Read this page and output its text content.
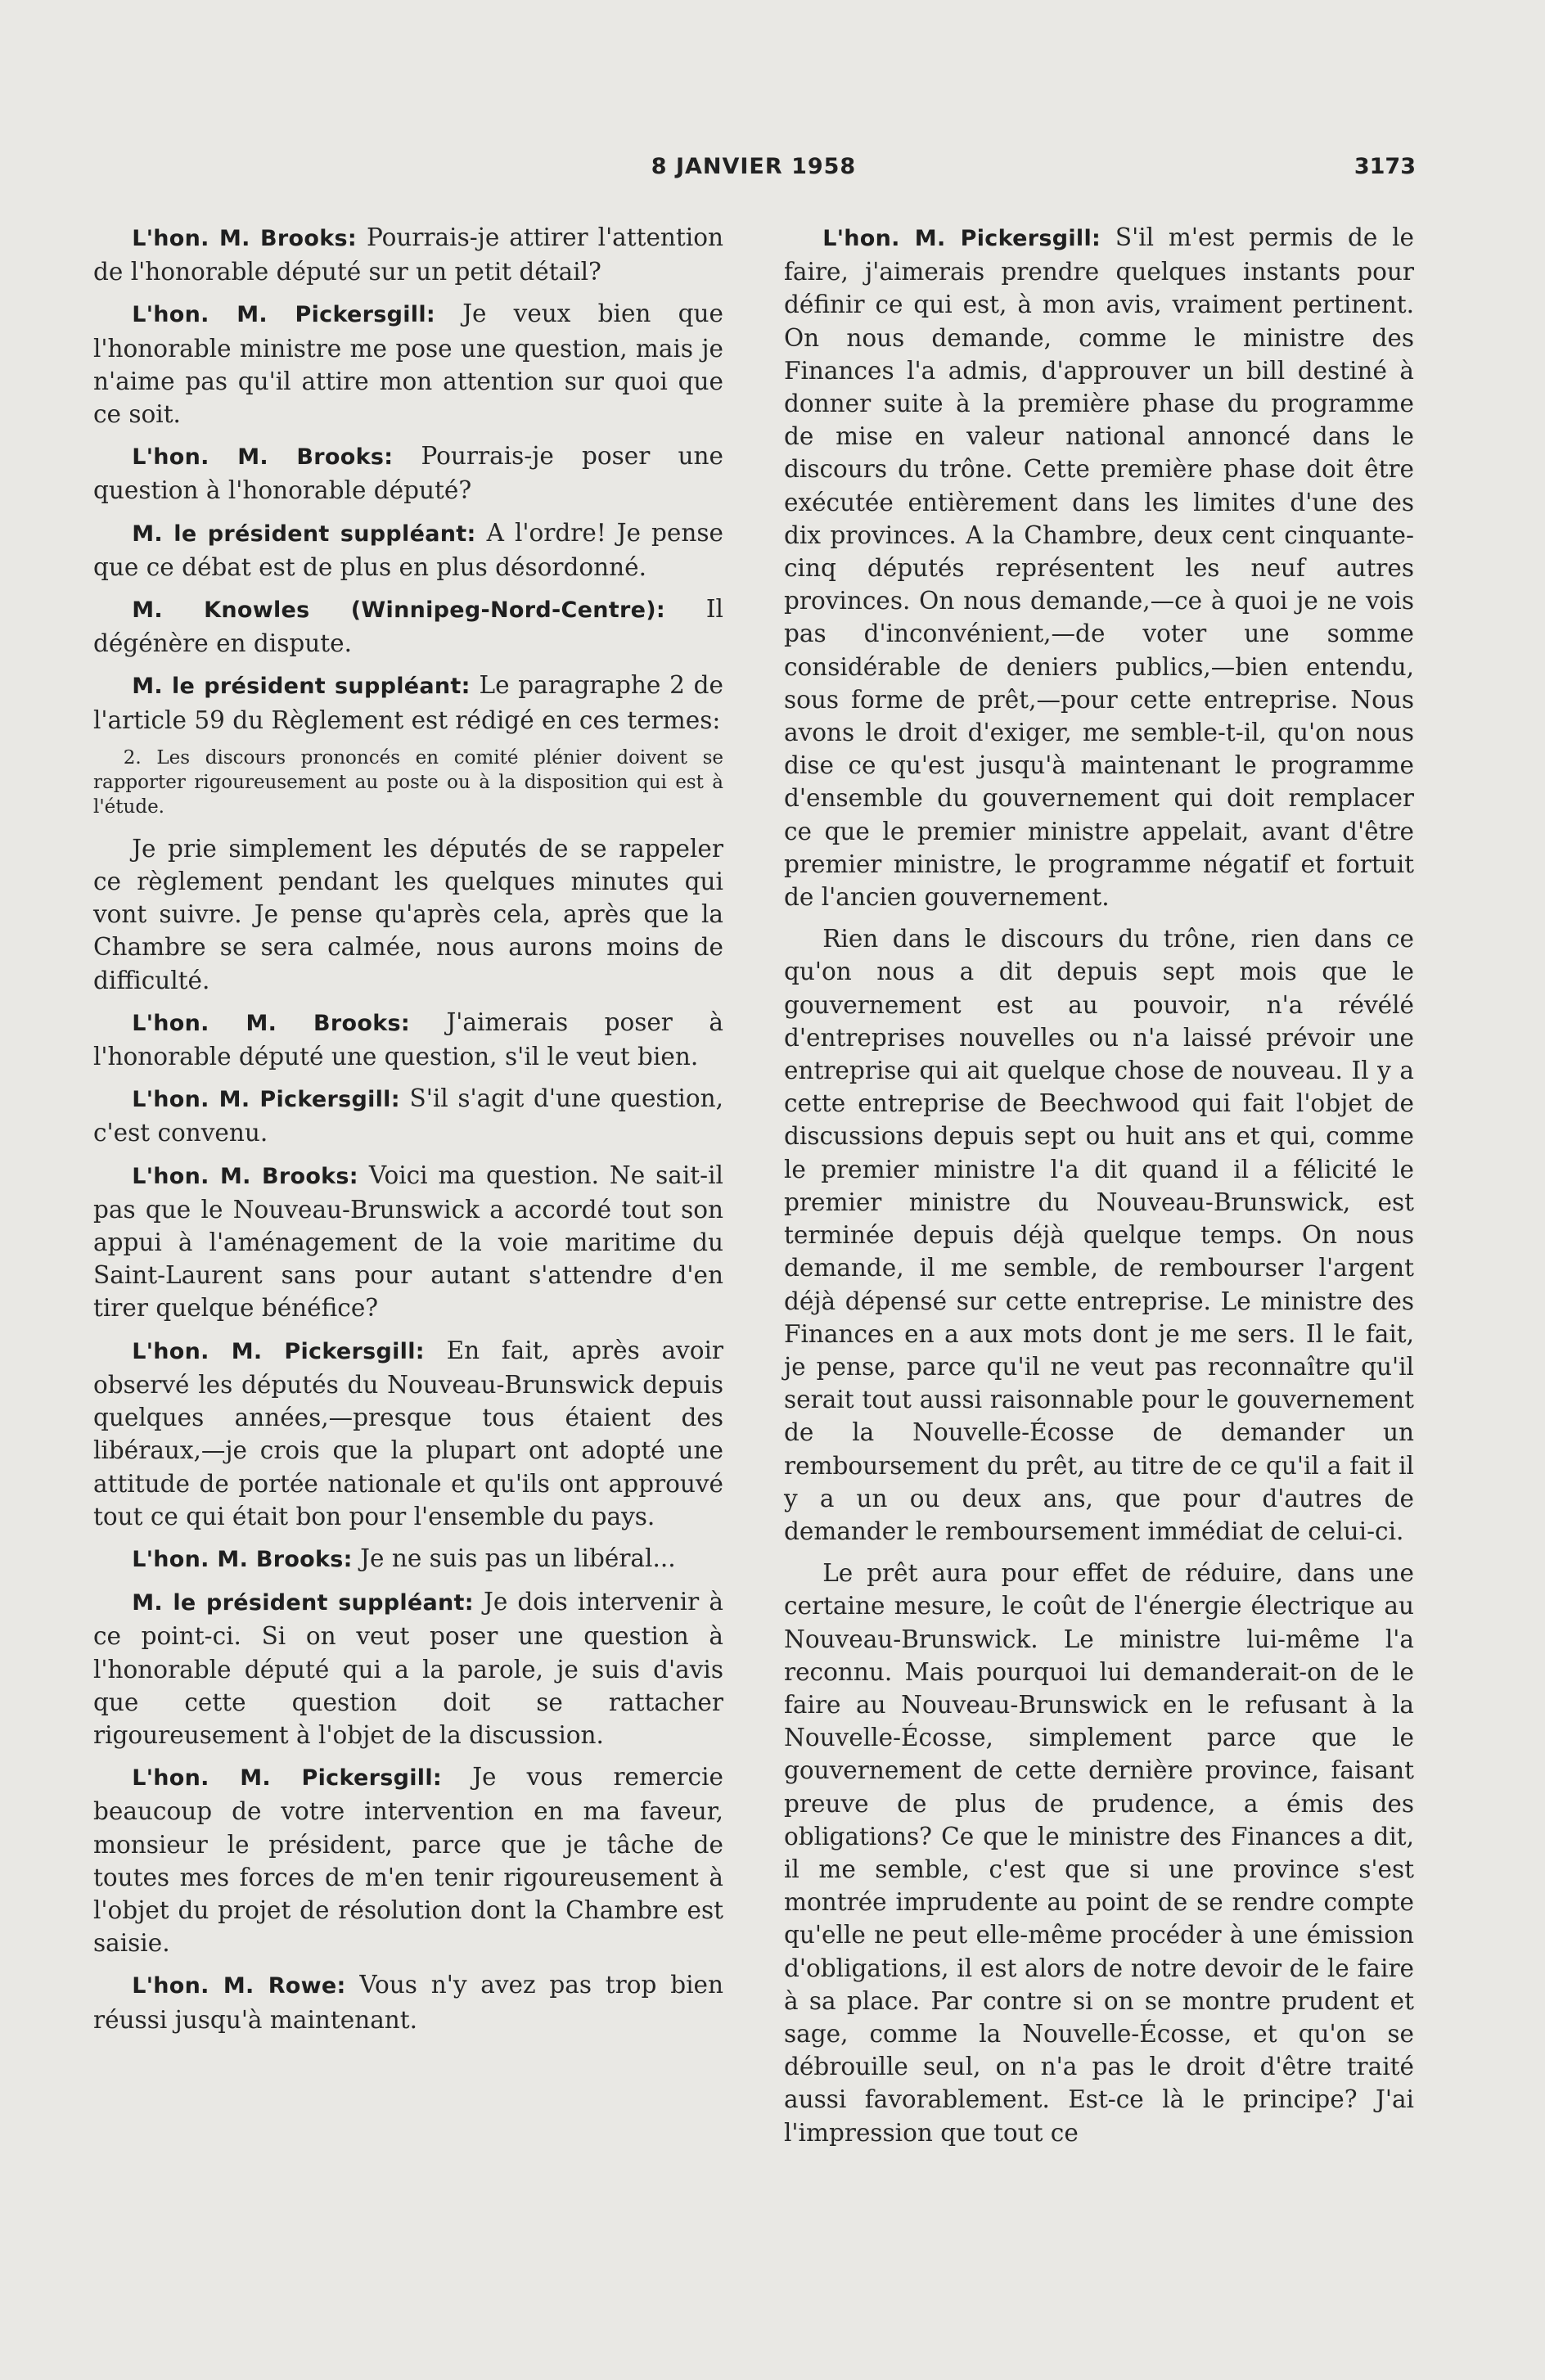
8 JANVIER 1958	3173

L'hon. M. Brooks: Pourrais-je attirer l'attention de l'honorable député sur un petit détail?

L'hon. M. Pickersgill: Je veux bien que l'honorable ministre me pose une question, mais je n'aime pas qu'il attire mon attention sur quoi que ce soit.

L'hon. M. Brooks: Pourrais-je poser une question à l'honorable député?

M. le président suppléant: A l'ordre! Je pense que ce débat est de plus en plus désordonné.

M. Knowles (Winnipeg-Nord-Centre): Il dégénère en dispute.

M. le président suppléant: Le paragraphe 2 de l'article 59 du Règlement est rédigé en ces termes:

2. Les discours prononcés en comité plénier doivent se rapporter rigoureusement au poste ou à la disposition qui est à l'étude.

Je prie simplement les députés de se rappeler ce règlement pendant les quelques minutes qui vont suivre. Je pense qu'après cela, après que la Chambre se sera calmée, nous aurons moins de difficulté.

L'hon. M. Brooks: J'aimerais poser à l'honorable député une question, s'il le veut bien.

L'hon. M. Pickersgill: S'il s'agit d'une question, c'est convenu.

L'hon. M. Brooks: Voici ma question. Ne sait-il pas que le Nouveau-Brunswick a accordé tout son appui à l'aménagement de la voie maritime du Saint-Laurent sans pour autant s'attendre d'en tirer quelque bénéfice?

L'hon. M. Pickersgill: En fait, après avoir observé les députés du Nouveau-Brunswick depuis quelques années,—presque tous étaient des libéraux,—je crois que la plupart ont adopté une attitude de portée nationale et qu'ils ont approuvé tout ce qui était bon pour l'ensemble du pays.

L'hon. M. Brooks: Je ne suis pas un libéral...

M. le président suppléant: Je dois intervenir à ce point-ci. Si on veut poser une question à l'honorable député qui a la parole, je suis d'avis que cette question doit se rattacher rigoureusement à l'objet de la discussion.

L'hon. M. Pickersgill: Je vous remercie beaucoup de votre intervention en ma faveur, monsieur le président, parce que je tâche de toutes mes forces de m'en tenir rigoureusement à l'objet du projet de résolution dont la Chambre est saisie.

L'hon. M. Rowe: Vous n'y avez pas trop bien réussi jusqu'à maintenant.

L'hon. M. Pickersgill: S'il m'est permis de le faire, j'aimerais prendre quelques instants pour définir ce qui est, à mon avis, vraiment pertinent. On nous demande, comme le ministre des Finances l'a admis, d'approuver un bill destiné à donner suite à la première phase du programme de mise en valeur national annoncé dans le discours du trône. Cette première phase doit être exécutée entièrement dans les limites d'une des dix provinces. A la Chambre, deux cent cinquante-cinq députés représentent les neuf autres provinces. On nous demande,—ce à quoi je ne vois pas d'inconvénient,—de voter une somme considérable de deniers publics,—bien entendu, sous forme de prêt,—pour cette entreprise. Nous avons le droit d'exiger, me semble-t-il, qu'on nous dise ce qu'est jusqu'à maintenant le programme d'ensemble du gouvernement qui doit remplacer ce que le premier ministre appelait, avant d'être premier ministre, le programme négatif et fortuit de l'ancien gouvernement.

Rien dans le discours du trône, rien dans ce qu'on nous a dit depuis sept mois que le gouvernement est au pouvoir, n'a révélé d'entreprises nouvelles ou n'a laissé prévoir une entreprise qui ait quelque chose de nouveau. Il y a cette entreprise de Beechwood qui fait l'objet de discussions depuis sept ou huit ans et qui, comme le premier ministre l'a dit quand il a félicité le premier ministre du Nouveau-Brunswick, est terminée depuis déjà quelque temps. On nous demande, il me semble, de rembourser l'argent déjà dépensé sur cette entreprise. Le ministre des Finances en a aux mots dont je me sers. Il le fait, je pense, parce qu'il ne veut pas reconnaître qu'il serait tout aussi raisonnable pour le gouvernement de la Nouvelle-Écosse de demander un remboursement du prêt, au titre de ce qu'il a fait il y a un ou deux ans, que pour d'autres de demander le remboursement immédiat de celui-ci.

Le prêt aura pour effet de réduire, dans une certaine mesure, le coût de l'énergie électrique au Nouveau-Brunswick. Le ministre lui-même l'a reconnu. Mais pourquoi lui demanderait-on de le faire au Nouveau-Brunswick en le refusant à la Nouvelle-Écosse, simplement parce que le gouvernement de cette dernière province, faisant preuve de plus de prudence, a émis des obligations? Ce que le ministre des Finances a dit, il me semble, c'est que si une province s'est montrée imprudente au point de se rendre compte qu'elle ne peut elle-même procéder à une émission d'obligations, il est alors de notre devoir de le faire à sa place. Par contre si on se montre prudent et sage, comme la Nouvelle-Écosse, et qu'on se débrouille seul, on n'a pas le droit d'être traité aussi favorablement. Est-ce là le principe? J'ai l'impression que tout ce
